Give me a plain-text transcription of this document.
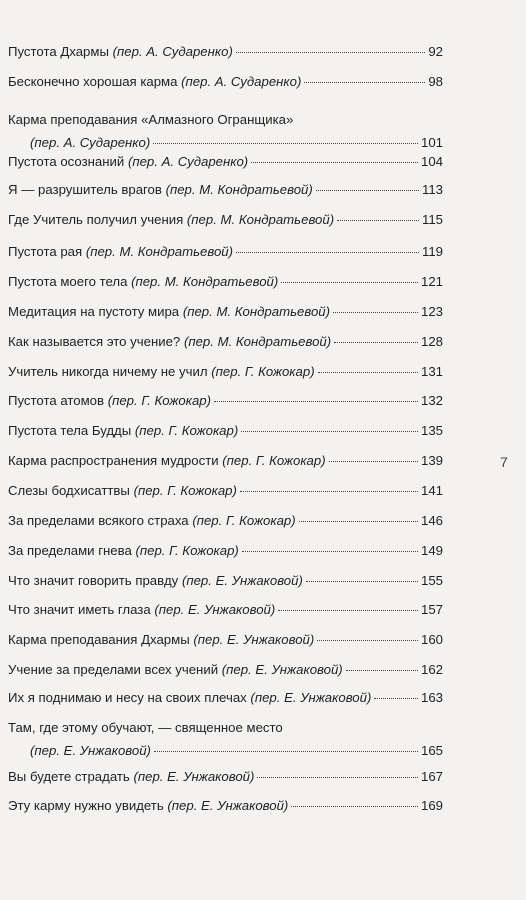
Пустота Дхармы (пер. А. Сударенко)	92
Бесконечно хорошая карма (пер. А. Сударенко)	98
Карма преподавания «Алмазного Огранщика»
(пер. А. Сударенко)	101
Пустота осознаний (пер. А. Сударенко)	104
Я — разрушитель врагов (пер. М. Кондратьевой)	113
Где Учитель получил учения (пер. М. Кондратьевой)	115
Пустота рая (пер. М. Кондратьевой)	119
Пустота моего тела (пер. М. Кондратьевой)	121
Медитация на пустоту мира (пер. М. Кондратьевой)	123
Как называется это учение? (пер. М. Кондратьевой)	128
Учитель никогда ничему не учил (пер. Г. Кожокар)	131
Пустота атомов (пер. Г. Кожокар)	132
Пустота тела Будды (пер. Г. Кожокар)	135
Карма распространения мудрости (пер. Г. Кожокар)	139
Слезы бодхисаттвы (пер. Г. Кожокар)	141
За пределами всякого страха (пер. Г. Кожокар)	146
За пределами гнева (пер. Г. Кожокар)	149
Что значит говорить правду (пер. Е. Унжаковой)	155
Что значит иметь глаза (пер. Е. Унжаковой)	157
Карма преподавания Дхармы (пер. Е. Унжаковой)	160
Учение за пределами всех учений (пер. Е. Унжаковой)	162
Их я поднимаю и несу на своих плечах (пер. Е. Унжаковой)	163
Там, где этому обучают, — священное место
(пер. Е. Унжаковой)	165
Вы будете страдать (пер. Е. Унжаковой)	167
Эту карму нужно увидеть (пер. Е. Унжаковой)	169
7
